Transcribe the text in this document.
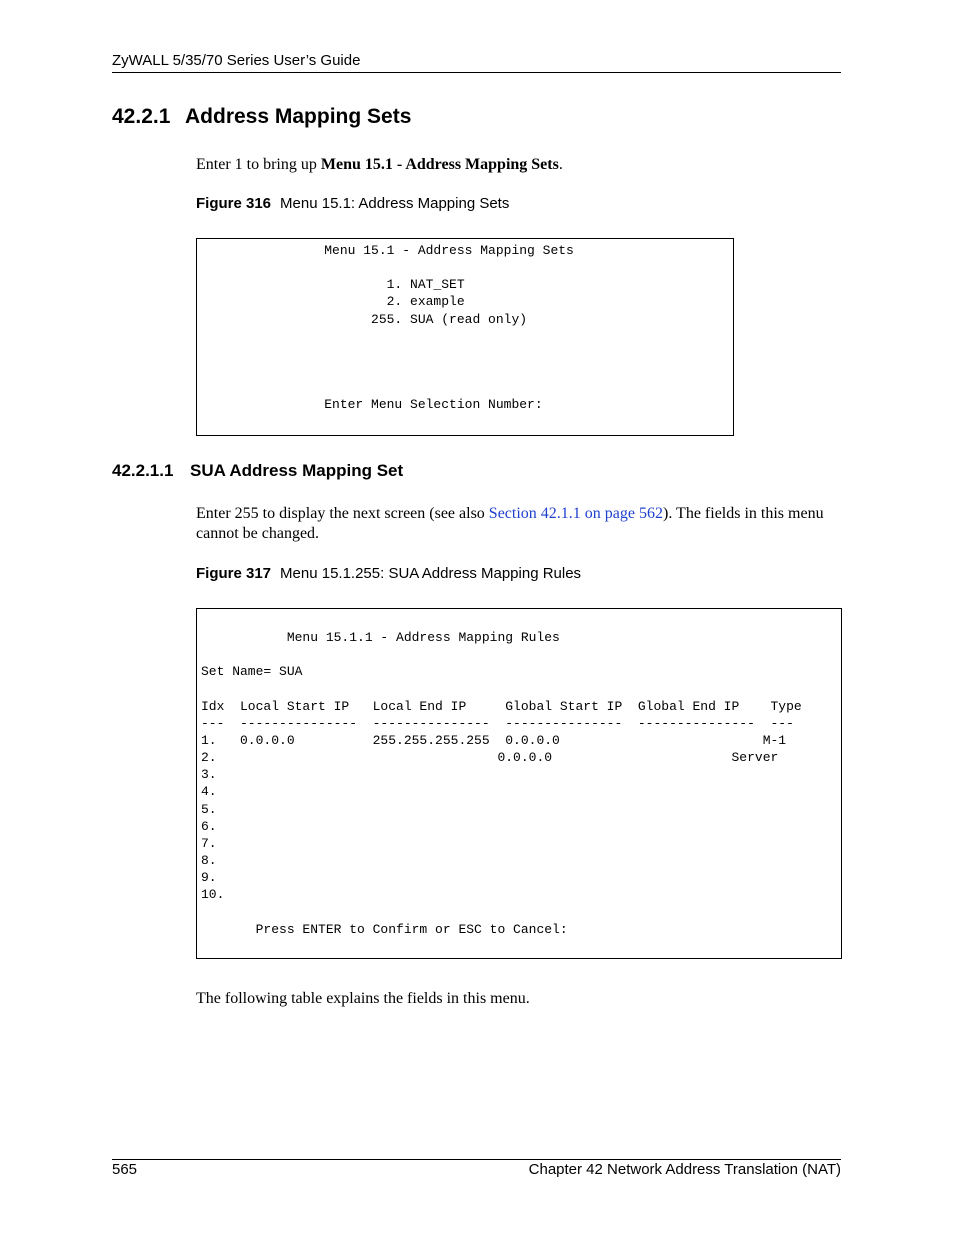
ZyWALL 5/35/70 Series User’s Guide
42.2.1 Address Mapping Sets
Enter 1 to bring up Menu 15.1 - Address Mapping Sets.
Figure 316 Menu 15.1: Address Mapping Sets
Menu 15.1 - Address Mapping Sets

1. NAT_SET
2. example
255. SUA (read only)

Enter Menu Selection Number:
42.2.1.1 SUA Address Mapping Set
Enter 255 to display the next screen (see also Section 42.1.1 on page 562). The fields in this menu cannot be changed.
Figure 317 Menu 15.1.255: SUA Address Mapping Rules
Menu 15.1.1 - Address Mapping Rules

Set Name= SUA

Idx  Local Start IP   Local End IP     Global Start IP  Global End IP    Type
---  ---------------  ---------------  ---------------  ---------------  ---
1.   0.0.0.0          255.255.255.255  0.0.0.0                          M-1
2.                                    0.0.0.0                       Server
3.
4.
5.
6.
7.
8.
9.
10.

Press ENTER to Confirm or ESC to Cancel:
The following table explains the fields in this menu.
565	Chapter 42 Network Address Translation (NAT)
